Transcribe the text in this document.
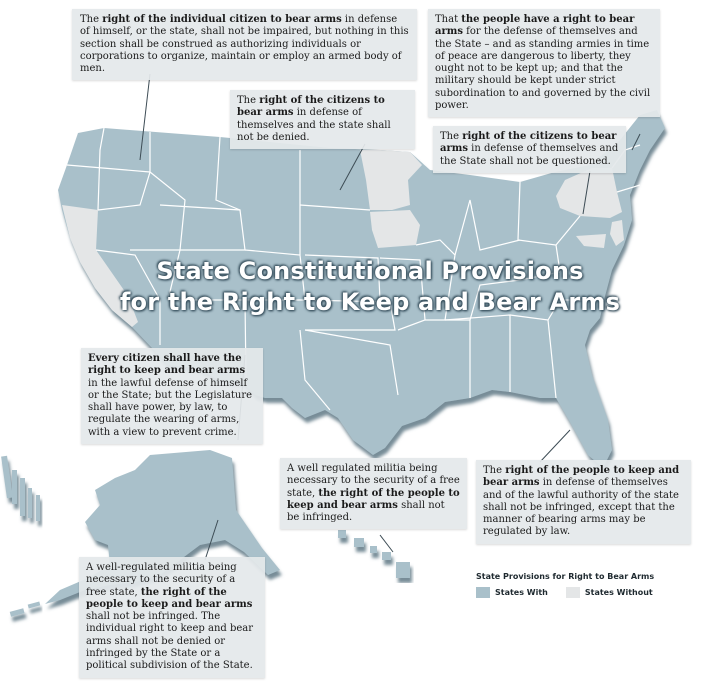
State Constitutional Provisions
for the Right to Keep and Bear Arms
The right of the individual citizen to bear arms in defense of himself, or the state, shall not be impaired, but nothing in this section shall be construed as authorizing individuals or corporations to organize, maintain or employ an armed body of men.
The right of the citizens to bear arms in defense of themselves and the state shall not be denied.
That the people have a right to bear arms for the defense of themselves and the State – and as standing armies in time of peace are dangerous to liberty, they ought not to be kept up; and that the military should be kept under strict subordination to and governed by the civil power.
The right of the citizens to bear arms in defense of themselves and the State shall not be questioned.
Every citizen shall have the right to keep and bear arms in the lawful defense of himself or the State; but the Legislature shall have power, by law, to regulate the wearing of arms, with a view to prevent crime.
A well regulated militia being necessary to the security of a free state, the right of the people to keep and bear arms shall not be infringed.
The right of the people to keep and bear arms in defense of themselves and of the lawful authority of the state shall not be infringed, except that the manner of bearing arms may be regulated by law.
A well-regulated militia being necessary to the security of a free state, the right of the people to keep and bear arms shall not be infringed. The individual right to keep and bear arms shall not be denied or infringed by the State or a political subdivision of the State.
State Provisions for Right to Bear Arms
States With	States Without
